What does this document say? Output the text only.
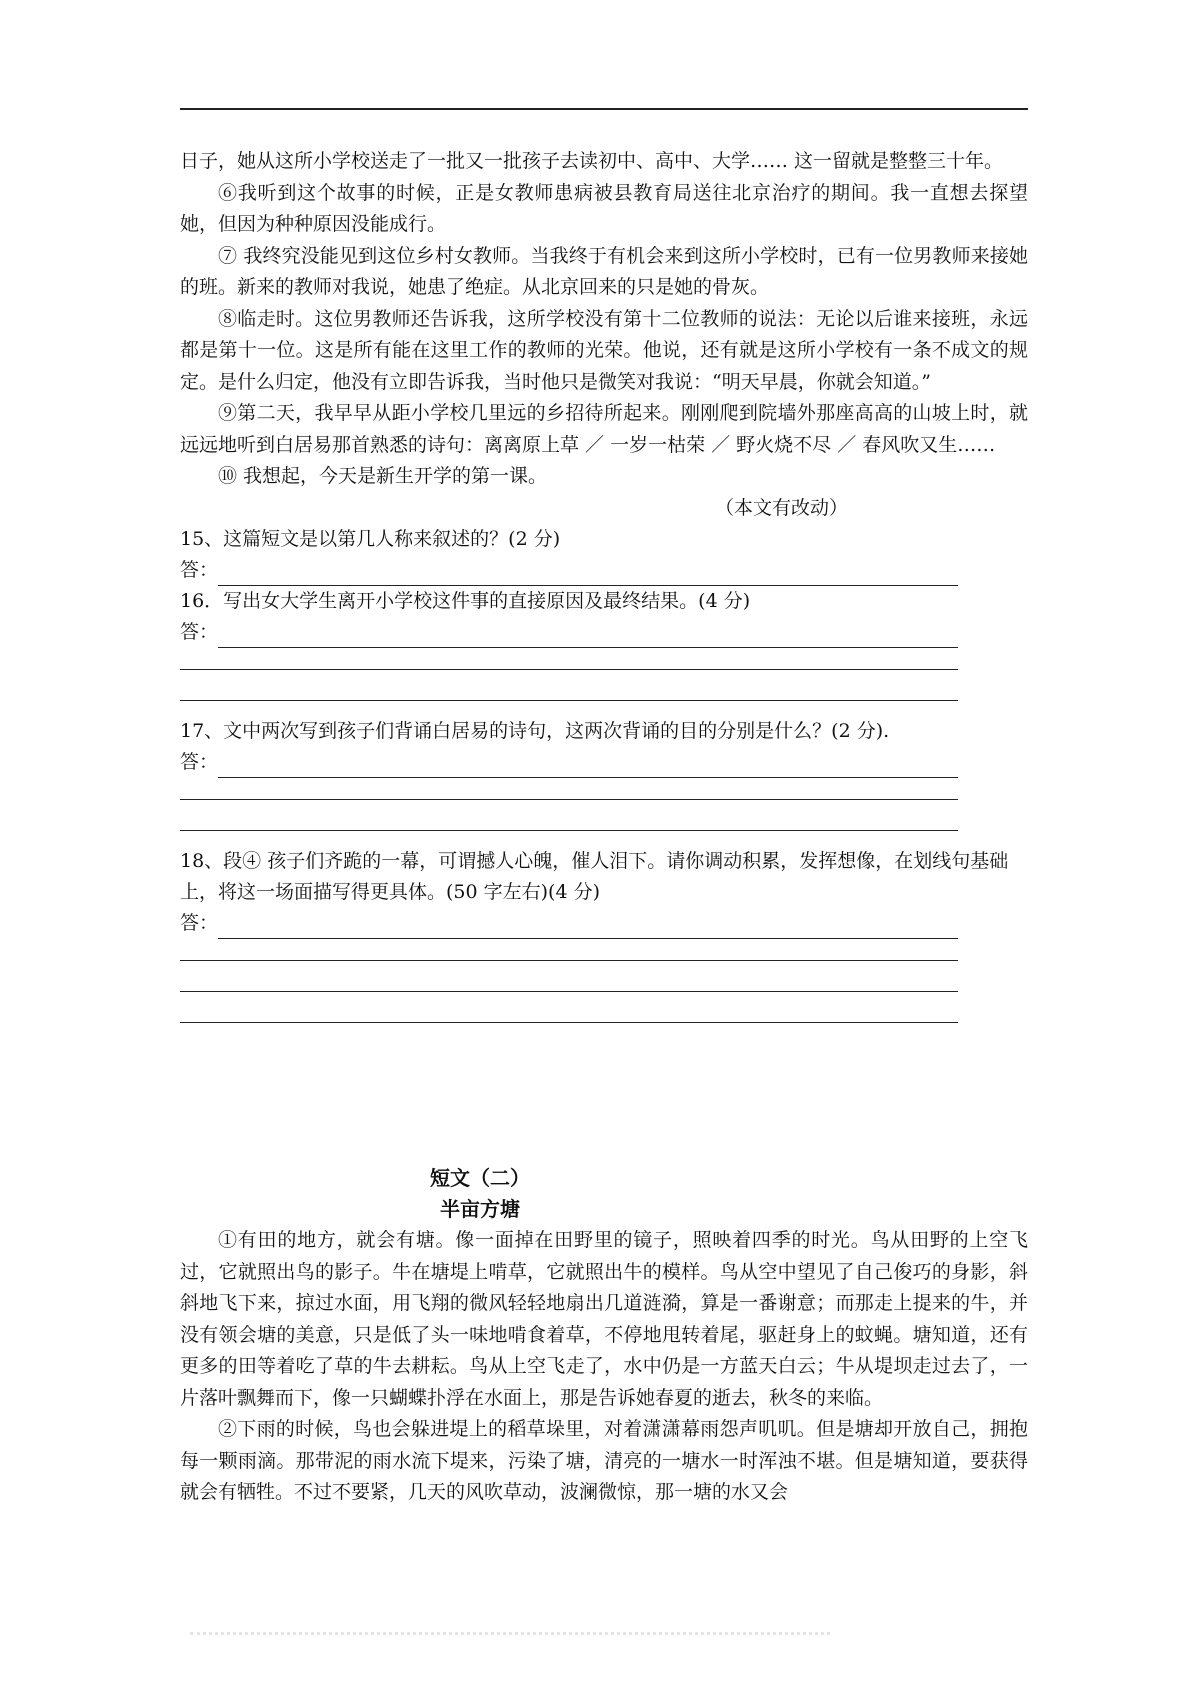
日子，她从这所小学校送走了一批又一批孩子去读初中、高中、大学…… 这一留就是整整三十年。

⑥我听到这个故事的时候，正是女教师患病被县教育局送往北京治疗的期间。我一直想去探望她，但因为种种原因没能成行。

⑦ 我终究没能见到这位乡村女教师。当我终于有机会来到这所小学校时，已有一位男教师来接她的班。新来的教师对我说，她患了绝症。从北京回来的只是她的骨灰。

⑧临走时。这位男教师还告诉我，这所学校没有第十二位教师的说法：无论以后谁来接班，永远都是第十一位。这是所有能在这里工作的教师的光荣。他说，还有就是这所小学校有一条不成文的规定。是什么归定，他没有立即告诉我，当时他只是微笑对我说：“明天早晨，你就会知道。”

⑨第二天，我早早从距小学校几里远的乡招待所起来。刚刚爬到院墙外那座高高的山坡上时，就远远地听到白居易那首熟悉的诗句：离离原上草 ／ 一岁一枯荣 ／ 野火烧不尽 ／ 春风吹又生……

⑩ 我想起，今天是新生开学的第一课。

（本文有改动）

15、这篇短文是以第几人称来叙述的？(2 分)

答：

16．写出女大学生离开小学校这件事的直接原因及最终结果。(4 分)

答：

17、文中两次写到孩子们背诵白居易的诗句，这两次背诵的目的分别是什么？(2 分).

答：

18、段④ 孩子们齐跪的一幕，可谓撼人心魄，催人泪下。请你调动积累，发挥想像，在划线句基础上，将这一场面描写得更具体。(50 字左右)(4 分)

答：
短文（二）
半亩方塘

①有田的地方，就会有塘。像一面掉在田野里的镜子，照映着四季的时光。鸟从田野的上空飞过，它就照出鸟的影子。牛在塘堤上啃草，它就照出牛的模样。鸟从空中望见了自己俊巧的身影，斜斜地飞下来，掠过水面，用飞翔的微风轻轻地扇出几道涟漪，算是一番谢意；而那走上提来的牛，并没有领会塘的美意，只是低了头一味地啃食着草，不停地甩转着尾，驱赶身上的蚊蝇。塘知道，还有更多的田等着吃了草的牛去耕耘。鸟从上空飞走了，水中仍是一方蓝天白云；牛从堤坝走过去了，一片落叶飘舞而下，像一只蝴蝶扑浮在水面上，那是告诉她春夏的逝去，秋冬的来临。

②下雨的时候，鸟也会躲进堤上的稻草垛里，对着潇潇幕雨怨声叽叽。但是塘却开放自己，拥抱每一颗雨滴。那带泥的雨水流下堤来，污染了塘，清亮的一塘水一时浑浊不堪。但是塘知道，要获得就会有牺牲。不过不要紧，几天的风吹草动，波澜微惊，那一塘的水又会
